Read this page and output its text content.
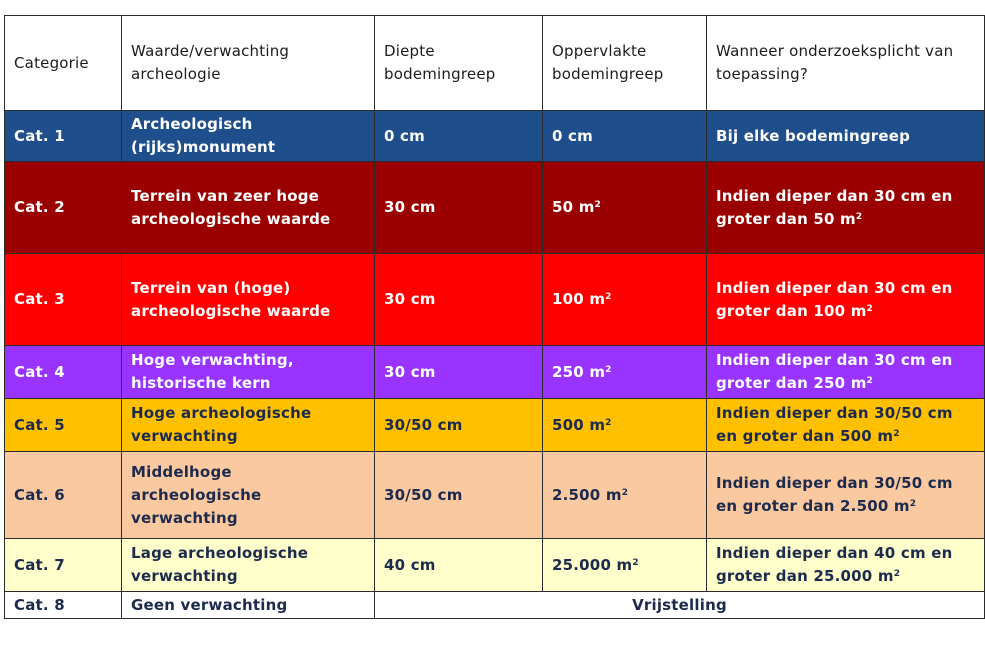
Categorie	Waarde/verwachting archeologie	Diepte bodemingreep	Oppervlakte bodemingreep	Wanneer onderzoeksplicht van toepassing?
Cat. 1	Archeologisch (rijks)monument	0 cm	0 cm	Bij elke bodemingreep
Cat. 2	Terrein van zeer hoge archeologische waarde	30 cm	50 $m^2$	Indien dieper dan 30 cm en groter dan 50 $m^2$
Cat. 3	Terrein van (hoge) archeologische waarde	30 cm	100 $m^2$	Indien dieper dan 30 cm en groter dan 100 $m^2$
Cat. 4	Hoge verwachting, historische kern	30 cm	250 $m^2$	Indien dieper dan 30 cm en groter dan 250 $m^2$
Cat. 5	Hoge archeologische verwachting	30/50 cm	500 $m^2$	Indien dieper dan 30/50 cm en groter dan 500 $m^2$
Cat. 6	Middelhoge archeologische verwachting	30/50 cm	2.500 $m^2$	Indien dieper dan 30/50 cm en groter dan 2.500 $m^2$
Cat. 7	Lage archeologische verwachting	40 cm	25.000 $m^2$	Indien dieper dan 40 cm en groter dan 25.000 $m^2$
Cat. 8	Geen verwachting	Vrijstelling		
